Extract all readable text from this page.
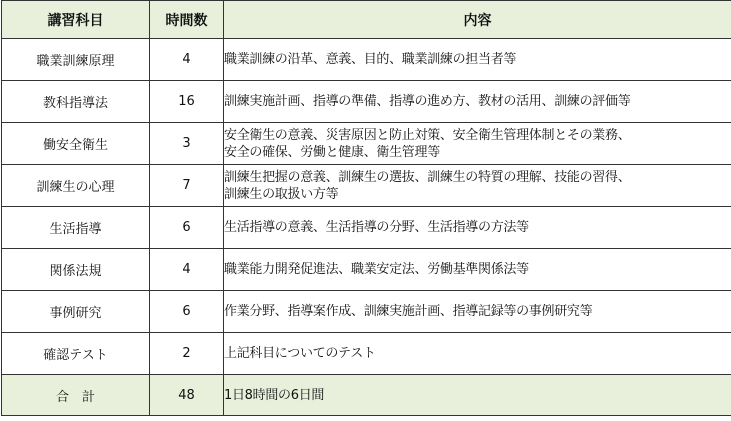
講習科目	時間数	内容
職業訓練原理	4	職業訓練の沿革、意義、目的、職業訓練の担当者等

教科指導法	16	訓練実施計画、指導の準備、指導の進め方、教材の活用、訓練の評価等

働安全衛生	3	安全衛生の意義、災害原因と防止対策、安全衛生管理体制とその業務、
安全の確保、労働と健康、衛生管理等

訓練生の心理	7	訓練生把握の意義、訓練生の選抜、訓練生の特質の理解、技能の習得、
訓練生の取扱い方等

生活指導	6	生活指導の意義、生活指導の分野、生活指導の方法等

関係法規	4	職業能力開発促進法、職業安定法、労働基準関係法等

事例研究	6	作業分野、指導案作成、訓練実施計画、指導記録等の事例研究等

確認テスト	2	上記科目についてのテスト

合　計	48	1日8時間の6日間
